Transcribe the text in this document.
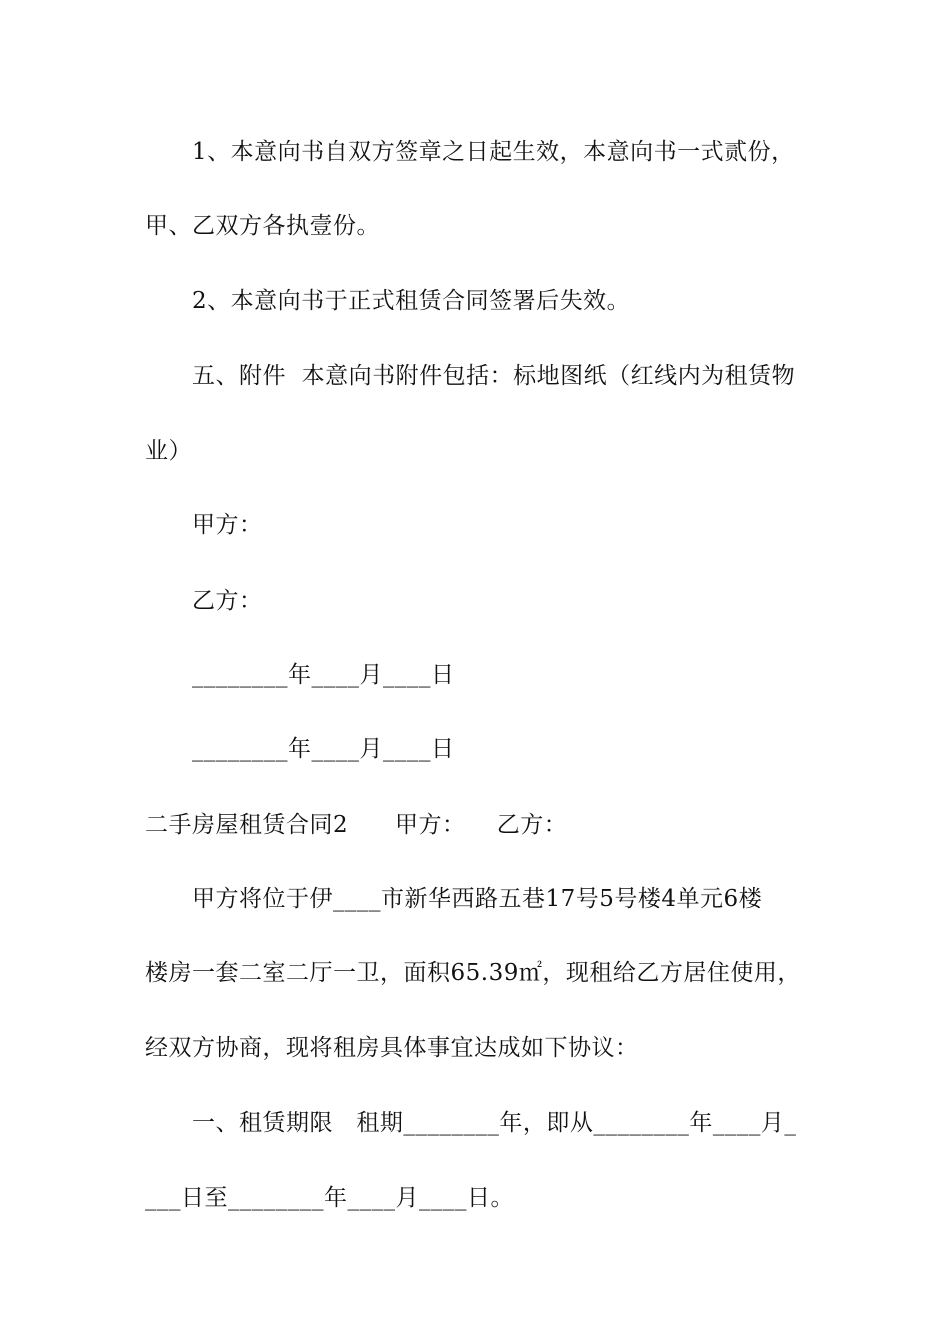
1、本意向书自双方签章之日起生效，本意向书一式贰份，
甲、乙双方各执壹份。
2、本意向书于正式租赁合同签署后失效。
五、附件  本意向书附件包括：标地图纸（红线内为租赁物
业）
甲方：
乙方：
________年____月____日
________年____月____日
二手房屋租赁合同2      甲方：    乙方：
甲方将位于伊____市新华西路五巷17号5号楼4单元6楼
楼房一套二室二厅一卫，面积65.39㎡，现租给乙方居住使用，
经双方协商，现将租房具体事宜达成如下协议：
一、租赁期限   租期________年，即从________年____月_
___日至________年____月____日。
